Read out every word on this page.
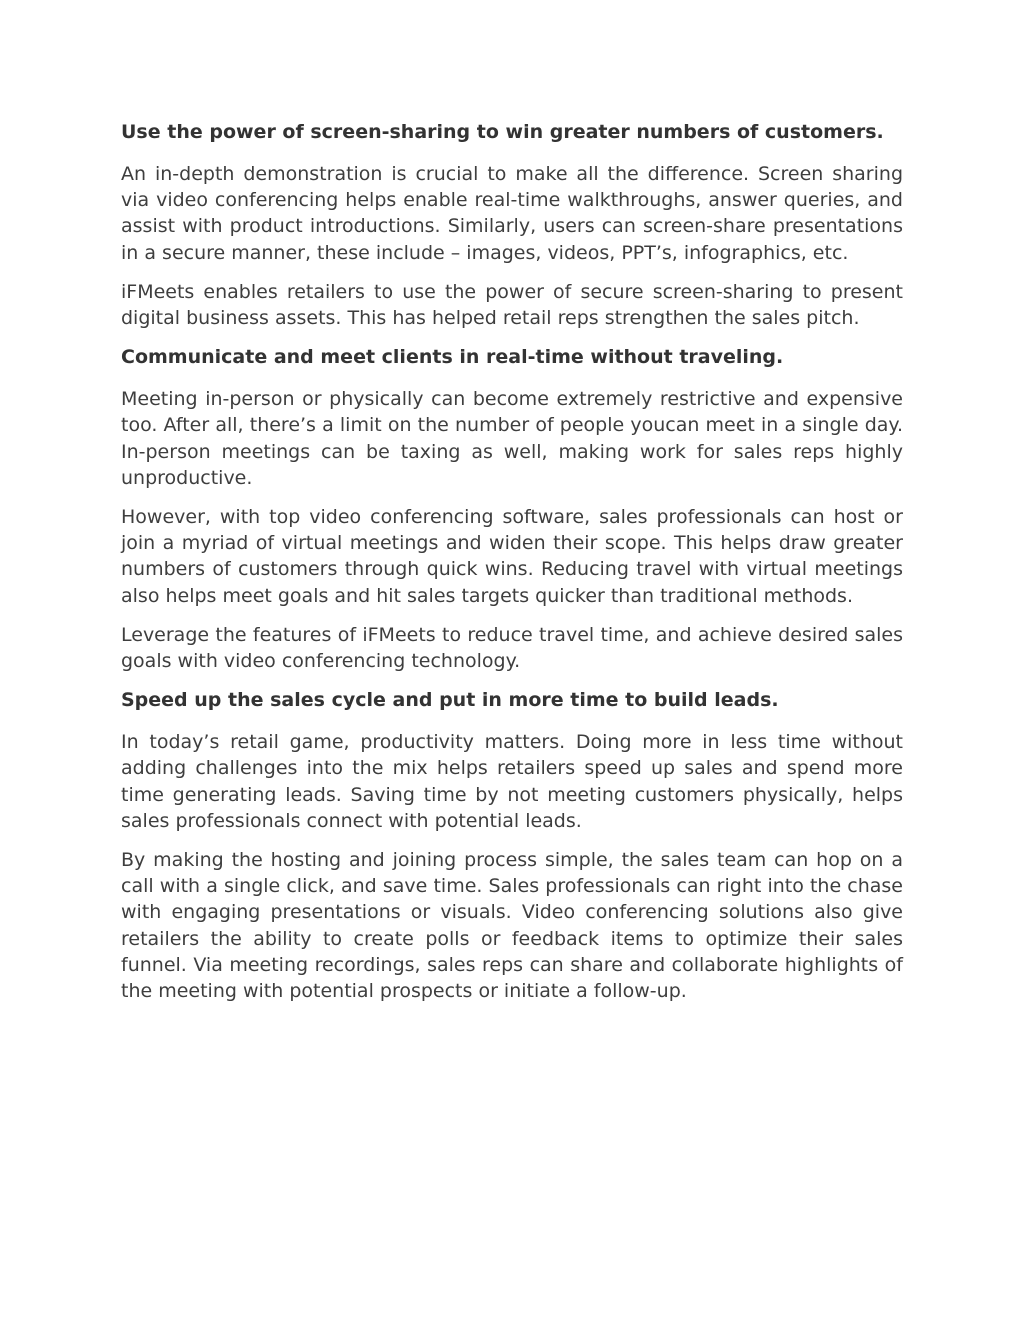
Use the power of screen-sharing to win greater numbers of customers.

An in-depth demonstration is crucial to make all the difference. Screen sharing via video conferencing helps enable real-time walkthroughs, answer queries, and assist with product introductions. Similarly, users can screen-share presentations in a secure manner, these include – images, videos, PPT’s, infographics, etc.

iFMeets enables retailers to use the power of secure screen-sharing to present digital business assets. This has helped retail reps strengthen the sales pitch.

Communicate and meet clients in real-time without traveling.

Meeting in-person or physically can become extremely restrictive and expensive too. After all, there’s a limit on the number of people youcan meet in a single day. In-person meetings can be taxing as well, making work for sales reps highly unproductive.

However, with top video conferencing software, sales professionals can host or join a myriad of virtual meetings and widen their scope. This helps draw greater numbers of customers through quick wins. Reducing travel with virtual meetings also helps meet goals and hit sales targets quicker than traditional methods.

Leverage the features of iFMeets to reduce travel time, and achieve desired sales goals with video conferencing technology.

Speed up the sales cycle and put in more time to build leads.

In today’s retail game, productivity matters. Doing more in less time without adding challenges into the mix helps retailers speed up sales and spend more time generating leads. Saving time by not meeting customers physically, helps sales professionals connect with potential leads.

By making the hosting and joining process simple, the sales team can hop on a call with a single click, and save time. Sales professionals can right into the chase with engaging presentations or visuals. Video conferencing solutions also give retailers the ability to create polls or feedback items to optimize their sales funnel. Via meeting recordings, sales reps can share and collaborate highlights of the meeting with potential prospects or initiate a follow-up.
